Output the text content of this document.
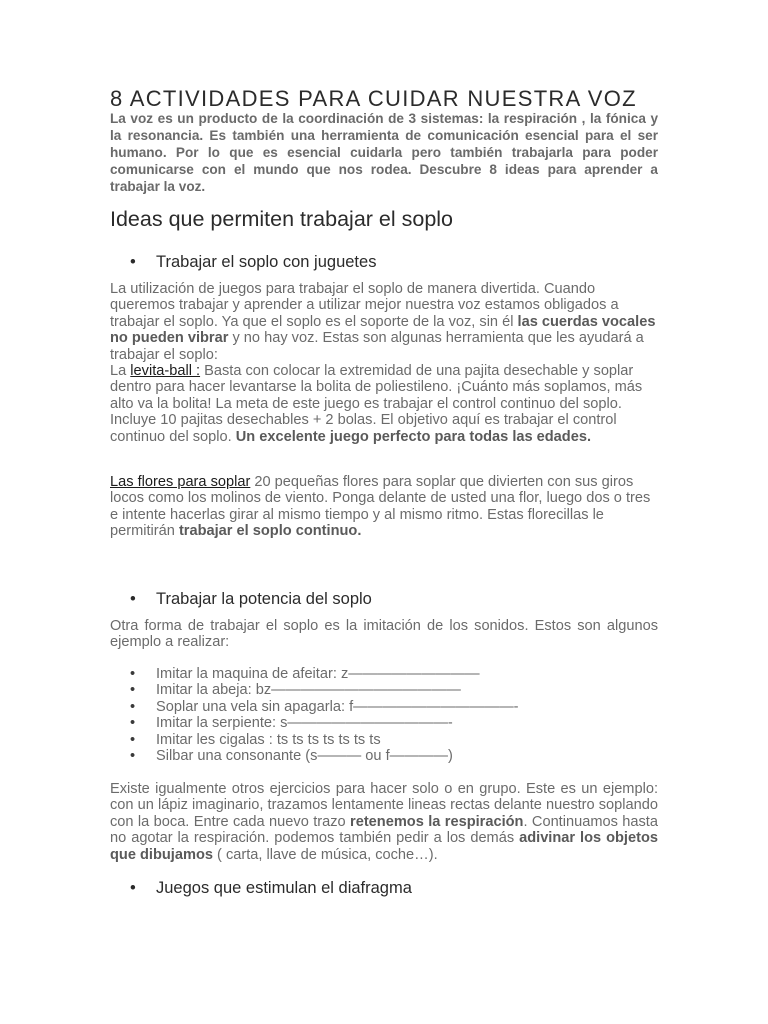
8 ACTIVIDADES PARA CUIDAR NUESTRA VOZ

La voz es un producto de la coordinación de 3 sistemas: la respiración , la fónica y la resonancia. Es también una herramienta de comunicación esencial para el ser humano. Por lo que es esencial cuidarla pero también trabajarla para poder comunicarse con el mundo que nos rodea. Descubre 8 ideas para aprender a trabajar la voz.

Ideas que permiten trabajar el soplo

• Trabajar el soplo con juguetes

La utilización de juegos para trabajar el soplo de manera divertida. Cuando queremos trabajar y aprender a utilizar mejor nuestra voz estamos obligados a trabajar el soplo. Ya que el soplo es el soporte de la voz, sin él las cuerdas vocales no pueden vibrar y no hay voz. Estas son algunas herramienta que les ayudará a trabajar el soplo:
La levita-ball : Basta con colocar la extremidad de una pajita desechable y soplar dentro para hacer levantarse la bolita de poliestileno. ¡Cuánto más soplamos, más alto va la bolita! La meta de este juego es trabajar el control continuo del soplo. Incluye 10 pajitas desechables + 2 bolas. El objetivo aquí es trabajar el control continuo del soplo. Un excelente juego perfecto para todas las edades.

Las flores para soplar 20 pequeñas flores para soplar que divierten con sus giros locos como los molinos de viento. Ponga delante de usted una flor, luego dos o tres e intente hacerlas girar al mismo tiempo y al mismo ritmo. Estas florecillas le permitirán trabajar el soplo continuo.

• Trabajar la potencia del soplo

Otra forma de trabajar el soplo es la imitación de los sonidos. Estos son algunos ejemplo a realizar:

• Imitar la maquina de afeitar: z—————————
• Imitar la abeja: bz—————————————
• Soplar una vela sin apagarla: f———————————-
• Imitar la serpiente: s———————————-
• Imitar les cigalas : ts ts ts ts ts ts ts
• Silbar una consonante (s——— ou f————)

Existe igualmente otros ejercicios para hacer solo o en grupo. Este es un ejemplo: con un lápiz imaginario, trazamos lentamente lineas rectas delante nuestro soplando con la boca. Entre cada nuevo trazo retenemos la respiración. Continuamos hasta no agotar la respiración. podemos también pedir a los demás adivinar los objetos que dibujamos ( carta, llave de música, coche…).

• Juegos que estimulan el diafragma
